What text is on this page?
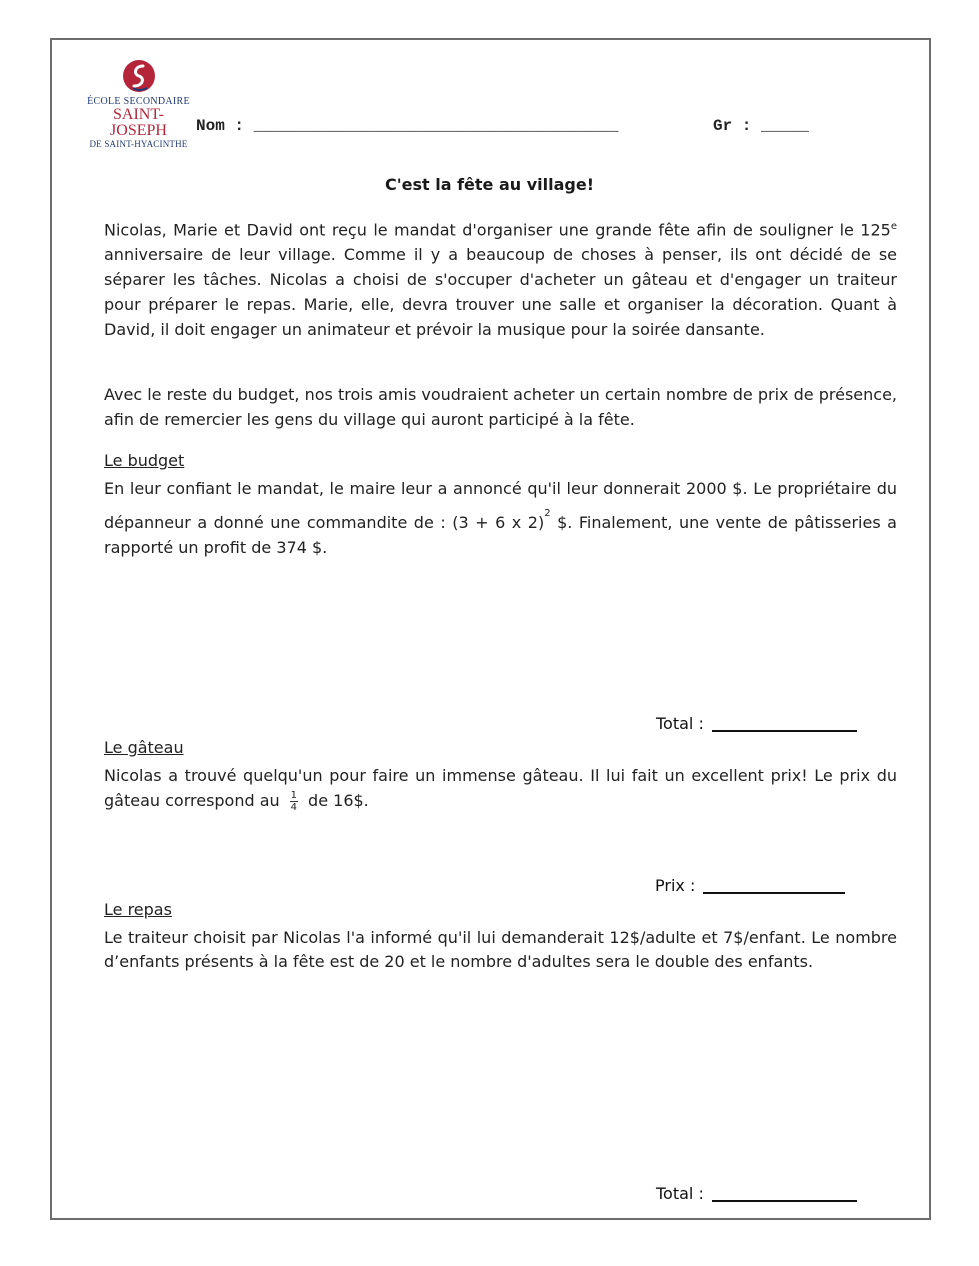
ÉCOLE SECONDAIRE
SAINT-JOSEPH
DE SAINT-HYACINTHE
Nom : ______________________________________	Gr : _____
C'est la fête au village!
Nicolas, Marie et David ont reçu le mandat d'organiser une grande fête afin de souligner le 125e anniversaire de leur village. Comme il y a beaucoup de choses à penser, ils ont décidé de se séparer les tâches. Nicolas a choisi de s'occuper d'acheter un gâteau et d'engager un traiteur pour préparer le repas. Marie, elle, devra trouver une salle et organiser la décoration. Quant à David, il doit engager un animateur et prévoir la musique pour la soirée dansante.
Avec le reste du budget, nos trois amis voudraient acheter un certain nombre de prix de présence, afin de remercier les gens du village qui auront participé à la fête.
Le budget
En leur confiant le mandat, le maire leur a annoncé qu'il leur donnerait 2000 $. Le propriétaire du dépanneur a donné une commandite de : (3 + 6 x 2)$^2$ $. Finalement, une vente de pâtisseries a rapporté un profit de 374 $.
Total :
Le gâteau
Nicolas a trouvé quelqu'un pour faire un immense gâteau. Il lui fait un excellent prix! Le prix du gâteau correspond au $\frac{1}{4}$ de 16$.
Prix :
Le repas
Le traiteur choisit par Nicolas l'a informé qu'il lui demanderait 12$/adulte et 7$/enfant. Le nombre d’enfants présents à la fête est de 20 et le nombre d'adultes sera le double des enfants.
Total :
